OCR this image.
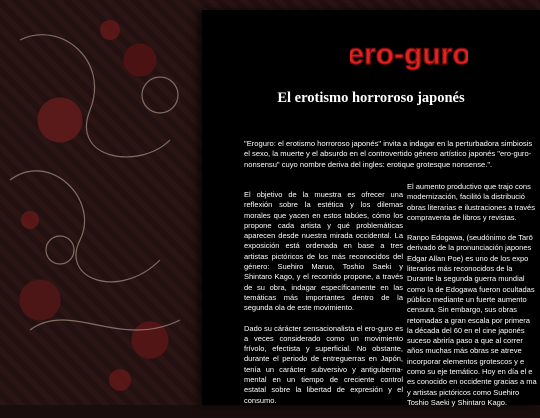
ero-guro
El erotismo horroroso japonés
"Eroguro: el erotismo horroroso japonés" invita a indagar en la perturbadora simbiosis
el sexo, la muerte y el absurdo en el controvertido género artístico japonés "ero-guro-
nonsensu" cuyo nombre deriva del ingles: erotique grotesque nonsense.".

El objetivo de la muestra es ofrecer una reflexión sobre la estética y los dilemas morales que yacen en estos tabúes, cómo los propone cada artista y qué problemáticas aparecen desde nuestra mirada occidental. La exposición está ordenada en base a tres artistas pictóricos de los más reconocidos del género: Suehiro Maruo, Toshio Saeki y Shintaro Kago, y el recorrido propone, a través de su obra, indagar específicamente en las temáticas más importantes dentro de la segunda ola de este movimiento.

Dado su cárácter sensacionalista el ero-guro es a veces considerado como un movimiento frívolo, efectista y superficial. No obstante, durante el periodo de entreguerras en Japón, tenía un carácter subversivo y antigubernamental en un tiempo de creciente control estatal sobre la libertad de expresión y el consumo.

El aumento productivo que trajo cons
modernización, facilitó la distribució
obras literarias e ilustraciones a través
compraventa de libros y revistas.

Ranpo Edogawa, (seudónimo de Tarō
derivado de la pronunciación japones
Edgar Allan Poe) es uno de los expo
literarios más reconocidos de la
Durante la segunda guerra mundial
como la de Edogawa fueron ocultadas
público mediante un fuerte aumento
censura. Sin embargo, sus obras
retomadas a gran escala por primera
la década del 60 en el cine japonés
suceso abriría paso a que al correr
años muchas más obras se atreve
incorporar elementos grotescos y e
como su eje temático. Hoy en día el e
es conocido en occidente gracias a ma
y artistas pictóricos como Suehiro
Toshio Saeki y Shintaro Kago.
